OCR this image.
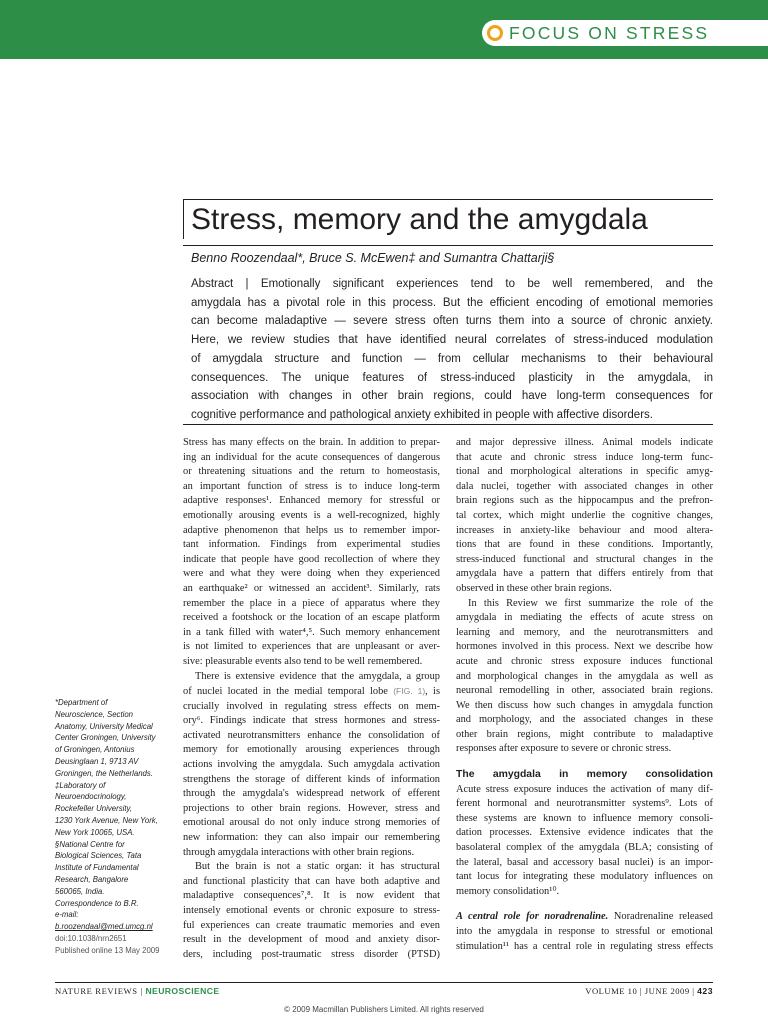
FOCUS ON STRESS
Stress, memory and the amygdala
Benno Roozendaal*, Bruce S. McEwen‡ and Sumantra Chattarji§

Abstract | Emotionally significant experiences tend to be well remembered, and the

amygdala has a pivotal role in this process. But the efficient encoding of emotional memories

can become maladaptive — severe stress often turns them into a source of chronic anxiety.

Here, we review studies that have identified neural correlates of stress-induced modulation

of amygdala structure and function — from cellular mechanisms to their behavioural

consequences. The unique features of stress-induced plasticity in the amygdala, in

association with changes in other brain regions, could have long-term consequences for

cognitive performance and pathological anxiety exhibited in people with affective disorders.

Stress has many effects on the brain. In addition to prepar-

ing an individual for the acute consequences of dangerous

or threatening situations and the return to homeostasis,

an important function of stress is to induce long-term

adaptive responses¹. Enhanced memory for stressful or

emotionally arousing events is a well-recognized, highly

adaptive phenomenon that helps us to remember impor-

tant information. Findings from experimental studies

indicate that people have good recollection of where they

were and what they were doing when they experienced

an earthquake² or witnessed an accident³. Similarly, rats

remember the place in a piece of apparatus where they

received a footshock or the location of an escape platform

in a tank filled with water⁴,⁵. Such memory enhancement

is not limited to experiences that are unpleasant or aver-

sive: pleasurable events also tend to be well remembered.

There is extensive evidence that the amygdala, a group

of nuclei located in the medial temporal lobe (FIG. 1), is

crucially involved in regulating stress effects on mem-

ory⁶. Findings indicate that stress hormones and stress-

activated neurotransmitters enhance the consolidation of

memory for emotionally arousing experiences through

actions involving the amygdala. Such amygdala activation

strengthens the storage of different kinds of information

through the amygdala's widespread network of efferent

projections to other brain regions. However, stress and

emotional arousal do not only induce strong memories of

new information: they can also impair our remembering

through amygdala interactions with other brain regions.

But the brain is not a static organ: it has structural

and functional plasticity that can have both adaptive and

maladaptive consequences⁷,⁸. It is now evident that

intensely emotional events or chronic exposure to stress-

ful experiences can create traumatic memories and even

result in the development of mood and anxiety disor-

ders, including post-traumatic stress disorder (PTSD)

and major depressive illness. Animal models indicate

that acute and chronic stress induce long-term func-

tional and morphological alterations in specific amyg-

dala nuclei, together with associated changes in other

brain regions such as the hippocampus and the prefron-

tal cortex, which might underlie the cognitive changes,

increases in anxiety-like behaviour and mood altera-

tions that are found in these conditions. Importantly,

stress-induced functional and structural changes in the

amygdala have a pattern that differs entirely from that

observed in these other brain regions.

In this Review we first summarize the role of the

amygdala in mediating the effects of acute stress on

learning and memory, and the neurotransmitters and

hormones involved in this process. Next we describe how

acute and chronic stress exposure induces functional

and morphological changes in the amygdala as well as

neuronal remodelling in other, associated brain regions.

We then discuss how such changes in amygdala function

and morphology, and the associated changes in these

other brain regions, might contribute to maladaptive

responses after exposure to severe or chronic stress.

The amygdala in memory consolidation

Acute stress exposure induces the activation of many dif-

ferent hormonal and neurotransmitter systems⁹. Lots of

these systems are known to influence memory consoli-

dation processes. Extensive evidence indicates that the

basolateral complex of the amygdala (BLA; consisting of

the lateral, basal and accessory basal nuclei) is an impor-

tant locus for integrating these modulatory influences on

memory consolidation¹⁰.

A central role for noradrenaline. Noradrenaline released

into the amygdala in response to stressful or emotional

stimulation¹¹ has a central role in regulating stress effects

*Department of

Neuroscience, Section

Anatomy, University Medical

Center Groningen, University

of Groningen, Antonius

Deusinglaan 1, 9713 AV

Groningen, the Netherlands.

‡Laboratory of

Neuroendocrinology,

Rockefeller University,

1230 York Avenue, New York,

New York 10065, USA.

§National Centre for

Biological Sciences, Tata

Institute of Fundamental

Research, Bangalore

560065, India.

Correspondence to B.R.

e-mail:

b.roozendaal@med.umcg.nl

doi:10.1038/nrn2651

Published online 13 May 2009

NATURE REVIEWS | NEUROSCIENCE	VOLUME 10 | JUNE 2009 | 423
© 2009 Macmillan Publishers Limited. All rights reserved
